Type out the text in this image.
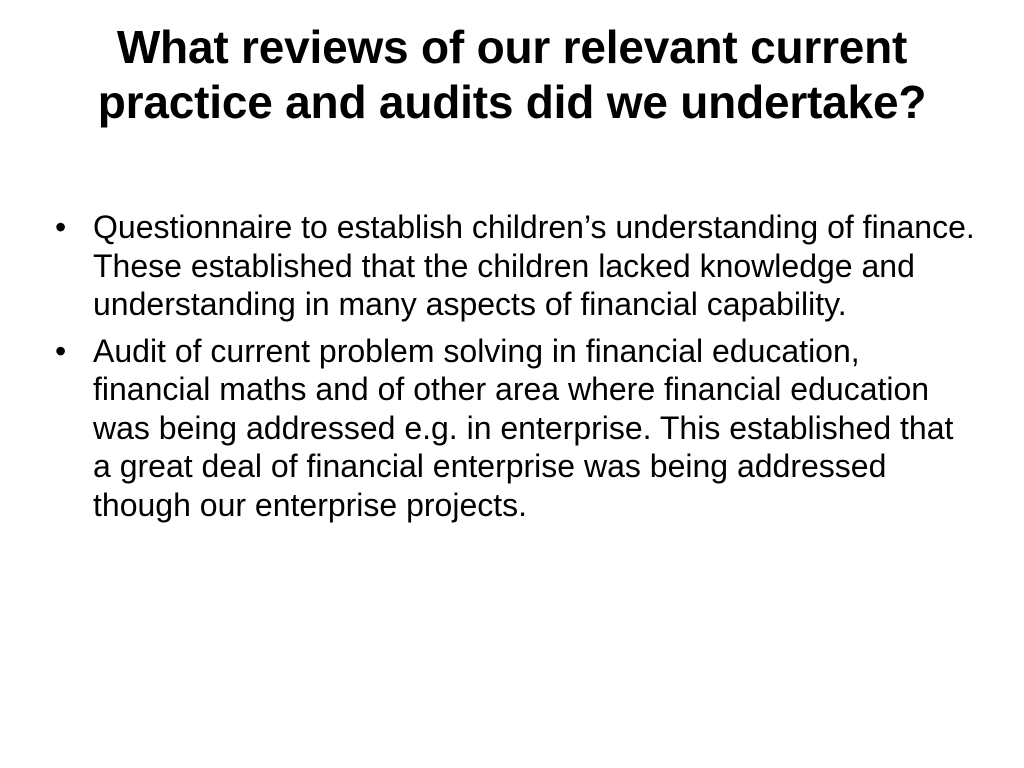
What reviews of our relevant current practice and audits did we undertake?
• Questionnaire to establish children’s understanding of finance. These established that the children lacked knowledge and understanding in many aspects of financial capability.
• Audit of current problem solving in financial education, financial maths and of other area where financial education was being addressed e.g. in enterprise. This established that a great deal of financial enterprise was being addressed though our enterprise projects.
